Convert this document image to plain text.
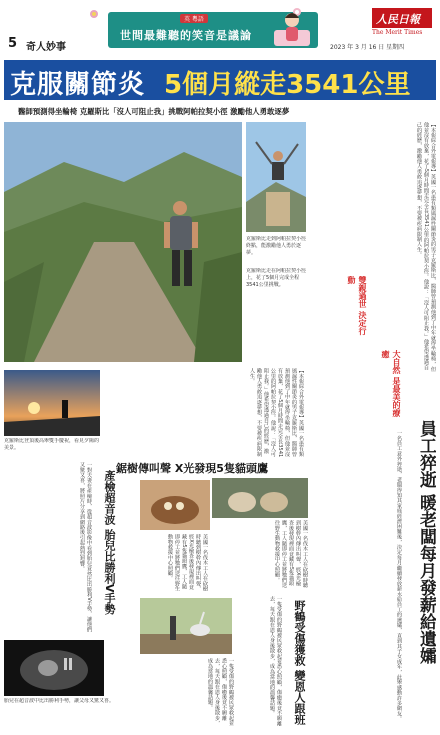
5 奇人妙事
英 粵語
世間最難聽的笑音是議論
人民日報
The Merit Times
2023 年 3 月 16 日 星期四
克服關節炎 5個月縱走3541公里
醫師預測得坐輪椅 克羅斯比「沒人可阻止我」挑戰阿帕拉契小徑 激勵他人勇敢逐夢
克羅斯比走到阿帕拉契小徑終點，能激勵他人勇於逐夢。
克羅斯比走在阿帕拉契小徑上，花了5個月完成全程3541公里挑戰。	【本報綜合外電報導】英國一名患有類風濕性關節炎的男子克羅斯比，醫師曾預測他到了中年就得坐輪椅，但他並沒有放棄，花了5個月時間走完全長3541公里的阿帕拉契小徑。他說：「沒人可阻止我。」他希望透過自己的經歷，激勵他人勇敢追逐夢想，不要被疾病限制人生。
雙親過世 決定行動
大自然 是最美的療癒
克羅斯比登頂後高舉雙手慶祝，看見夕陽的美景。	【本報綜合外電報導】英國一名患有類風濕性關節炎的男子克羅斯比，醫師曾預測他到了中年就得坐輪椅，但他並沒有放棄，花了5個月時間走完全長3541公里的阿帕拉契小徑。他說：「沒人可阻止我。」他希望透過自己的經歷，激勵他人勇敢追逐夢想，不要被疾病限制人生。
員工猝逝 暖老闆每月發薪給遺孀
一名員工意外猝逝，老闆得知其家庭經濟困難後，決定每月繼續發放薪水給員工的遺孀，直到其子女成年，此舉感動許多網友。
鋸樹傳叫聲 X光發現5隻貓頭鷹
美國一名伐木工人在砍樹時聽到樹幹內傳出叫聲，經X光檢查後發現裡面竟藏有5隻貓頭鷹，工人隨即停工並將牠們送往野生動物救援中心照顧。
美國一名伐木工人在砍樹時聽到樹幹內傳出叫聲，經X光檢查後發現裡面竟藏有5隻貓頭鷹，工人隨即停工並將牠們送往野生動物救援中心照顧。
野鶴受傷獲救 變恩人跟班
一隻受傷的野鶴被民眾救起並悉心照顧，傷癒後竟不願離去，每天跟在恩人身後散步，成為當地的溫馨話題。
一隻受傷的野鶴被民眾救起並悉心照顧，傷癒後竟不願離去，每天跟在恩人身後散步，成為當地的溫馨話題。
產檢超音波 胎兒比勝利V手勢
一對夫妻在產檢時，從超音波影像中看到胎兒竟然比出勝利V手勢，讓他們又驚又喜，將照片分享到網路後引起熱烈迴響。
胎兒在超音波中比出勝利手勢，讓父母又驚又喜。
